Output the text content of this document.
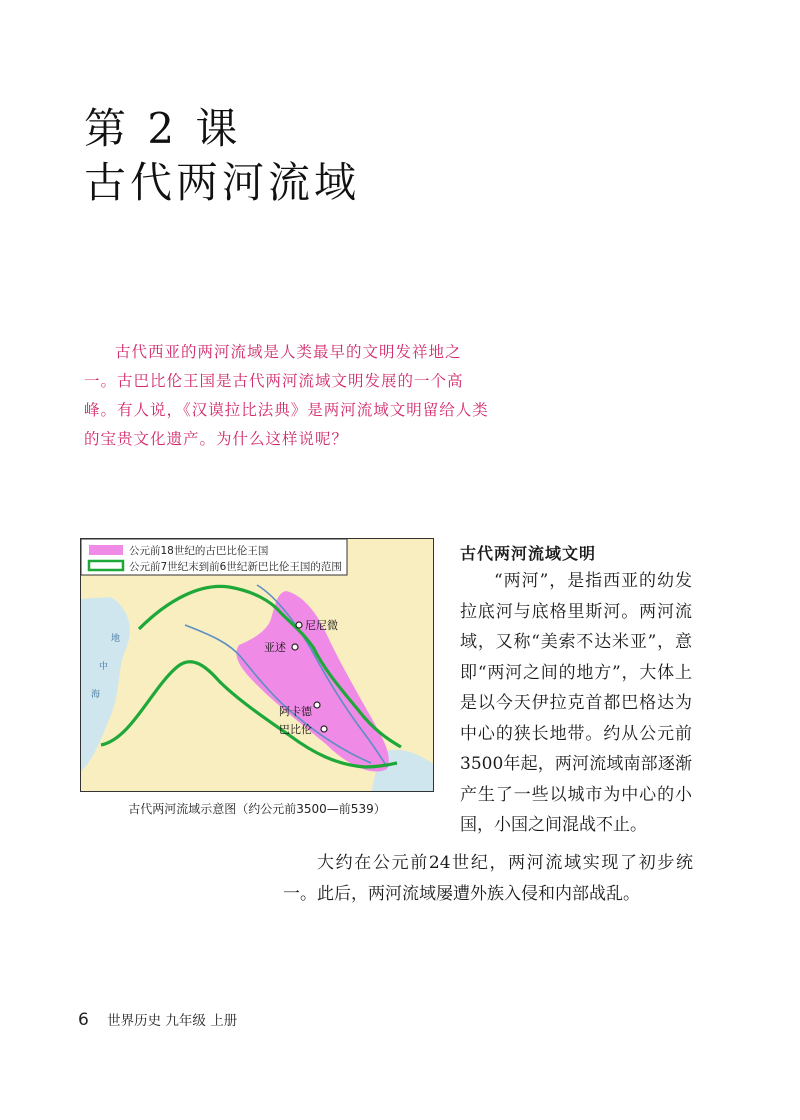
第 2 课
古代两河流域

古代西亚的两河流域是人类最早的文明发祥地之一。古巴比伦王国是古代两河流域文明发展的一个高峰。有人说，《汉谟拉比法典》是两河流域文明留给人类的宝贵文化遗产。为什么这样说呢？

公元前18世纪的古巴比伦王国
公元前7世纪末到前6世纪新巴比伦王国的范围
地
中
海
尼尼微
亚述
阿卡德
巴比伦
古代两河流域示意图（约公元前3500—前539）
古代两河流域文明

“两河”，是指西亚的幼发拉底河与底格里斯河。两河流域，又称“美索不达米亚”，意即“两河之间的地方”，大体上是以今天伊拉克首都巴格达为中心的狭长地带。约从公元前3500年起，两河流域南部逐渐产生了一些以城市为中心的小国，小国之间混战不止。

大约在公元前24世纪，两河流域实现了初步统一。此后，两河流域屡遭外族入侵和内部战乱。

6 世界历史 九年级 上册
